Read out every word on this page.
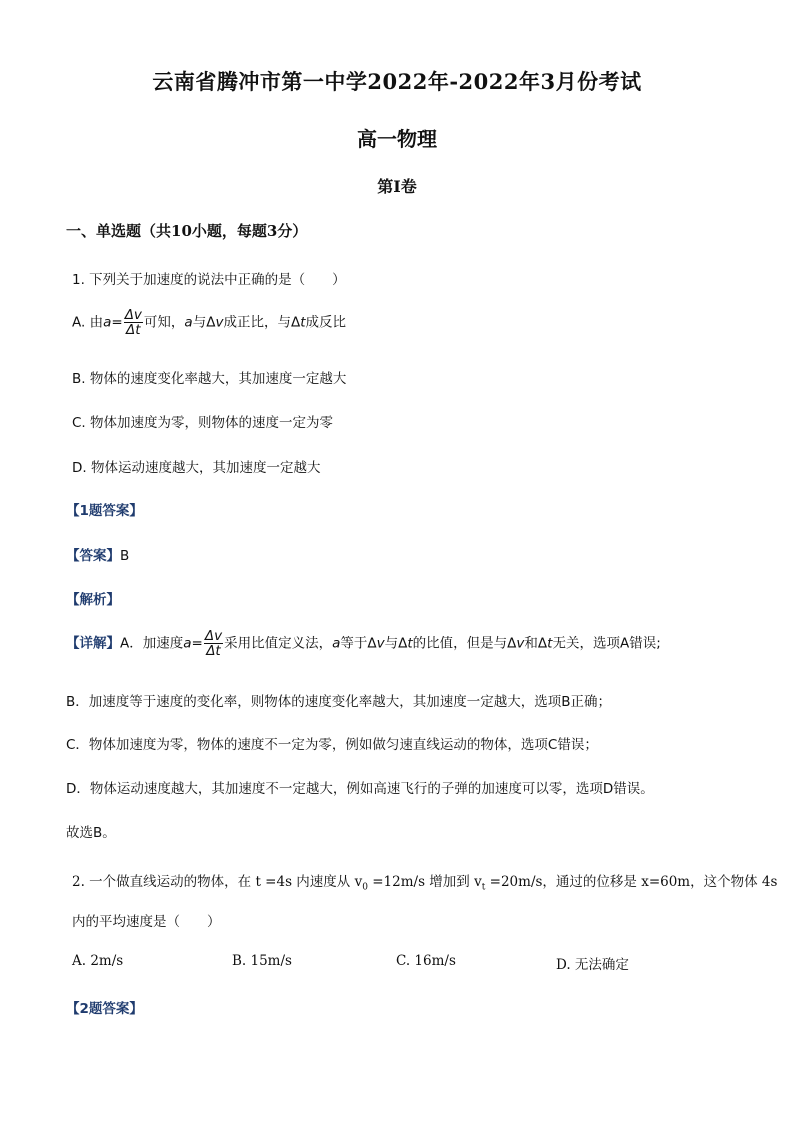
云南省腾冲市第一中学2022年-2022年3月份考试
高一物理
第I卷
一、单选题（共10小题，每题3分）
1. 下列关于加速度的说法中正确的是（　　）
A. 由$a= \frac{\Delta v}{\Delta t}$ 可知，a与Δv成正比，与Δt成反比
B. 物体的速度变化率越大，其加速度一定越大
C. 物体加速度为零，则物体的速度一定为零
D. 物体运动速度越大，其加速度一定越大
【1题答案】
【答案】B
【解析】
【详解】A．加速度$a= \frac{\Delta v}{\Delta t}$ 采用比值定义法，a等于Δv与Δt的比值，但是与Δv和Δt无关，选项A错误;
B．加速度等于速度的变化率，则物体的速度变化率越大，其加速度一定越大，选项B正确；
C．物体加速度为零，物体的速度不一定为零，例如做匀速直线运动的物体，选项C错误；
D．物体运动速度越大，其加速度不一定越大，例如高速飞行的子弹的加速度可以零，选项D错误。
故选B。
2. 一个做直线运动的物体，在 t =4s 内速度从 $v_0 =12m/s$ 增加到 $v_t =20m/s$，通过的位移是 x=60m，这个物体 4s
内的平均速度是（　　）
A. 2m/s	B. 15m/s	C. 16m/s	D. 无法确定
【2题答案】
